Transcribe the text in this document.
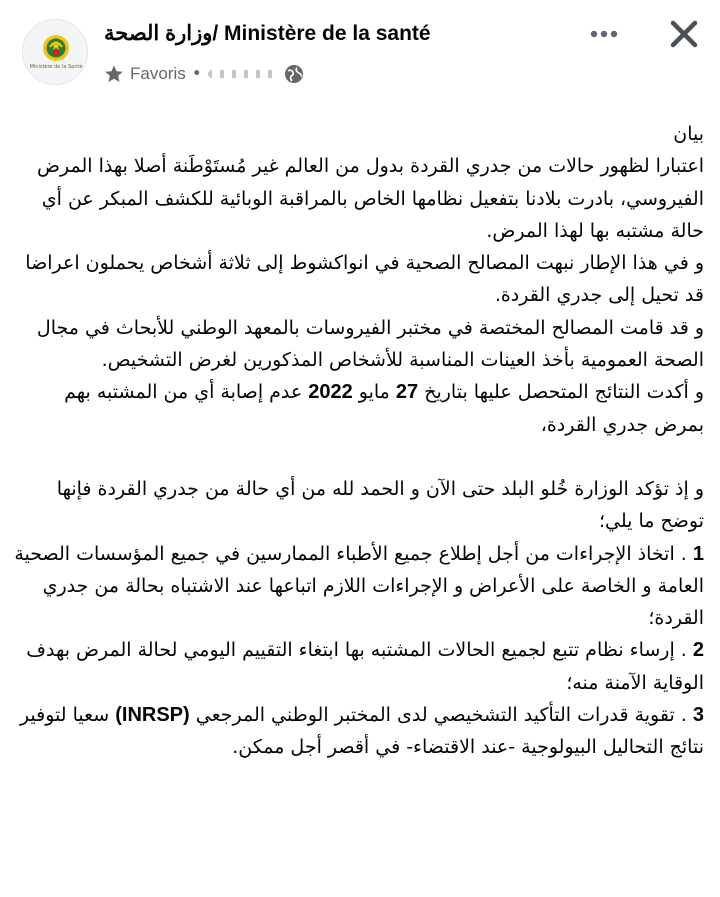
Ministère de la Santé
وزارة الصحة/ Ministère de la santé
Favoris •

بيان

اعتبارا لظهور حالات من جدري القردة بدول من العالم غير مُستَوْطَنة أصلا بهذا المرض الفيروسي، بادرت بلادنا بتفعيل نظامها الخاص بالمراقبة الوبائية للكشف المبكر عن أي حالة مشتبه بها لهذا المرض.

و في هذا الإطار نبهت المصالح الصحية في انواكشوط إلى ثلاثة أشخاص يحملون اعراضا قد تحيل إلى جدري القردة.

و قد قامت المصالح المختصة في مختبر الفيروسات بالمعهد الوطني للأبحاث في مجال الصحة العمومية بأخذ العينات المناسبة للأشخاص المذكورين لغرض التشخيص.

و أكدت النتائج المتحصل عليها بتاريخ 27 مايو 2022 عدم إصابة أي من المشتبه بهم بمرض جدري القردة،

و إذ تؤكد الوزارة خُلو البلد حتى الآن و الحمد لله من أي حالة من جدري القردة فإنها توضح ما يلي؛

1 . اتخاذ الإجراءات من أجل إطلاع جميع الأطباء الممارسين في جميع المؤسسات الصحية العامة و الخاصة على الأعراض و الإجراءات اللازم اتباعها عند الاشتباه بحالة من جدري القردة؛

2 . إرساء نظام تتبع لجميع الحالات المشتبه بها ابتغاء التقييم اليومي لحالة المرض بهدف الوقاية الآمنة منه؛

3 . تقوية قدرات التأكيد التشخيصي لدى المختبر الوطني المرجعي (INRSP) سعيا لتوفير نتائج التحاليل البيولوجية -عند الاقتضاء- في أقصر أجل ممكن.
